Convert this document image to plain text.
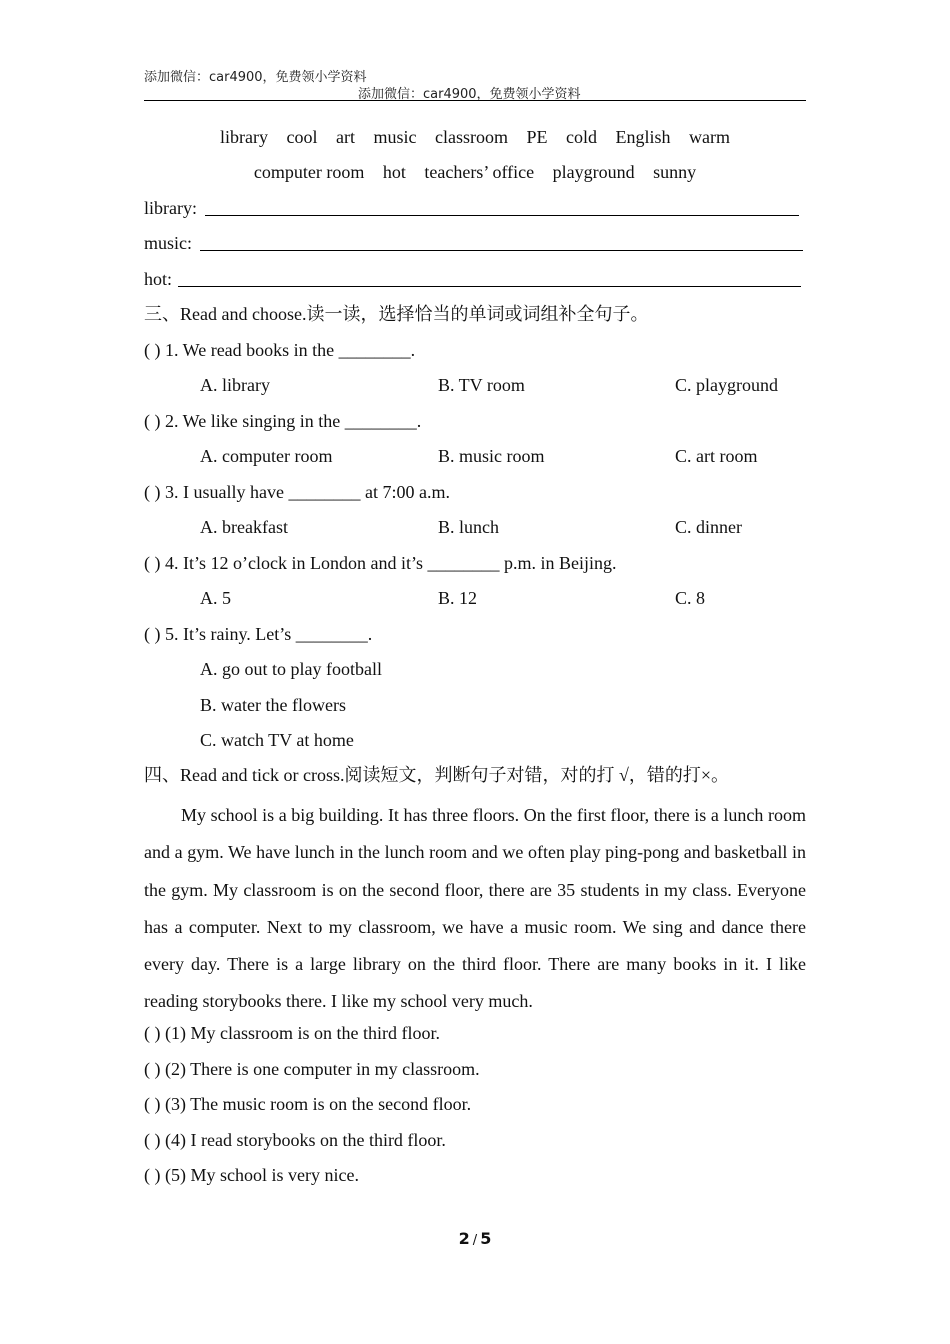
添加微信：car4900，免费领小学资料
添加微信：car4900，免费领小学资料
library cool art music classroom PE cold English warm
computer room hot teachers’ office playground sunny
library:
music:
hot:
三、Read and choose.读一读，选择恰当的单词或词组补全句子。
( ) 1. We read books in the ________.
A. library	B. TV room	C. playground
( ) 2. We like singing in the ________.
A. computer room	B. music room	C. art room
( ) 3. I usually have ________ at 7:00 a.m.
A. breakfast	B. lunch	C. dinner
( ) 4. It’s 12 o’clock in London and it’s ________ p.m. in Beijing.
A. 5	B. 12	C. 8
( ) 5. It’s rainy. Let’s ________.
A. go out to play football
B. water the flowers
C. watch TV at home
四、Read and tick or cross.阅读短文，判断句子对错，对的打 √，错的打×。
My school is a big building. It has three floors. On the first floor, there is a lunch room and a gym. We have lunch in the lunch room and we often play ping-pong and basketball in the gym. My classroom is on the second floor, there are 35 students in my class. Everyone has a computer. Next to my classroom, we have a music room. We sing and dance there every day. There is a large library on the third floor. There are many books in it. I like reading storybooks there. I like my school very much.
( ) (1) My classroom is on the third floor.
( ) (2) There is one computer in my classroom.
( ) (3) The music room is on the second floor.
( ) (4) I read storybooks on the third floor.
( ) (5) My school is very nice.
2 / 5
